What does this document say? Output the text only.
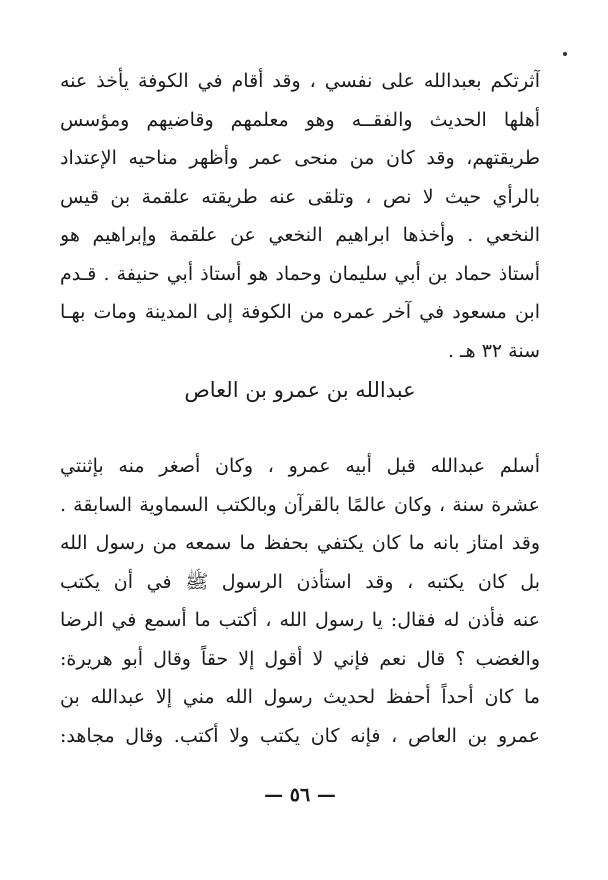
آثرتكم بعبدالله على نفسي ، وقد أقام في الكوفة يأخذ عنه
أهلها الحديث والفقــه وهو معلمهم وقاضيهم ومؤسس
طريقتهم، وقد كان من منحى عمر وأظهر مناحيه الإعتداد
بالرأي حيث لا نص ، وتلقى عنه طريقته علقمة بن قيس
النخعي . وأخذها ابراهيم النخعي عن علقمة وإبراهيم هو
أستاذ حماد بن أبي سليمان وحماد هو أستاذ أبي حنيفة . قـدم
ابن مسعود في آخر عمره من الكوفة إلى المدينة ومات بهـا
سنة ٣٢ هـ .
عبدالله بن عمرو بن العاص
أسلم عبدالله قبل أبيه عمرو ، وكان أصغر منه بإثنتي
عشرة سنة ، وكان عالمًا بالقرآن وبالكتب السماوية السابقة .
وقد امتاز بانه ما كان يكتفي بحفظ ما سمعه من رسول الله
بل كان يكتبه ، وقد استأذن الرسول ﷺ في أن يكتب
عنه فأذن له فقال: يا رسول الله ، أكتب ما أسمع في الرضا
والغضب ؟ قال نعم فإني لا أقول إلا حقاً وقال أبو هريرة:
ما كان أحداً أحفظ لحديث رسول الله مني إلا عبدالله بن
عمرو بن العاص ، فإنه كان يكتب ولا أكتب. وقال مجاهد:
— ٥٦ —
